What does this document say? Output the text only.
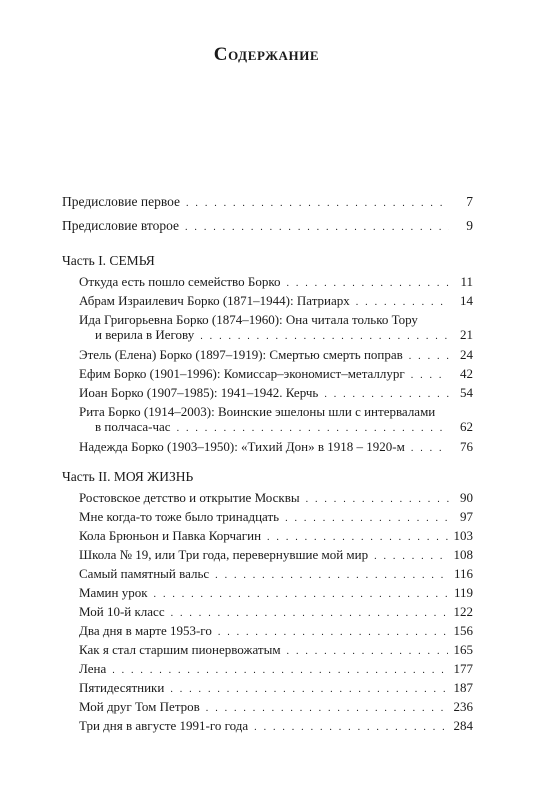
Содержание
Предисловие первое . . .	7
Предисловие второе . . .	9
Часть I. СЕМЬЯ
Откуда есть пошло семейство Борко . . .	11
Абрам Израилевич Борко (1871–1944): Патриарх . . .	14
Ида Григорьевна Борко (1874–1960): Она читала только Тору
и верила в Иегову . . .	21
Этель (Елена) Борко (1897–1919): Смертью смерть поправ . . .	24
Ефим Борко (1901–1996): Комиссар–экономист–металлург . . .	42
Иоан Борко (1907–1985): 1941–1942. Керчь . . .	54
Рита Борко (1914–2003): Воинские эшелоны шли с интервалами
в полчаса-час . . .	62
Надежда Борко (1903–1950): «Тихий Дон» в 1918 – 1920-м . . .	76
Часть II. МОЯ ЖИЗНЬ
Ростовское детство и открытие Москвы . . .	90
Мне когда-то тоже было тринадцать . . .	97
Кола Брюньон и Павка Корчагин . . .	103
Школа № 19, или Три года, перевернувшие мой мир . . .	108
Самый памятный вальс . . .	116
Мамин урок . . .	119
Мой 10-й класс . . .	122
Два дня в марте 1953-го . . .	156
Как я стал старшим пионервожатым . . .	165
Лена . . .	177
Пятидесятники . . .	187
Мой друг Том Петров . . .	236
Три дня в августе 1991-го года . . .	284
